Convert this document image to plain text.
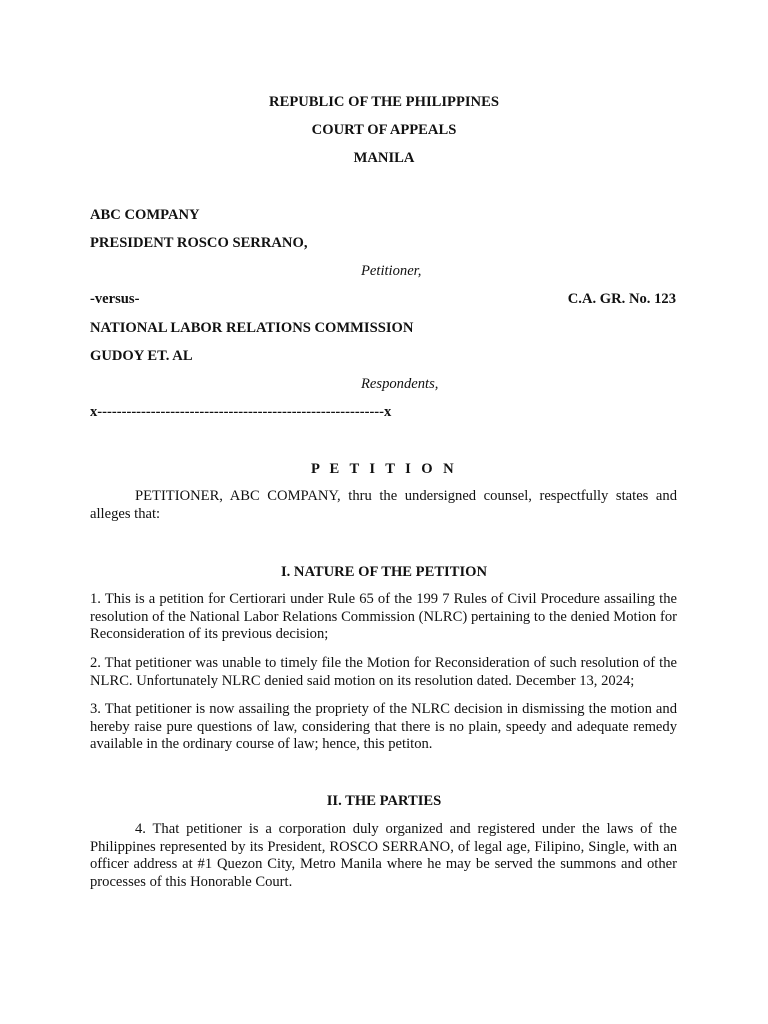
REPUBLIC OF THE PHILIPPINES
COURT OF APPEALS
MANILA
ABC COMPANY
PRESIDENT ROSCO SERRANO,
Petitioner,
-versus-	C.A. GR. No. 123
NATIONAL LABOR RELATIONS COMMISSION
GUDOY ET. AL
Respondents,
x-----------------------------------------------------------x
P E T I T I O N
PETITIONER, ABC COMPANY, thru the undersigned counsel, respectfully states and alleges that:
I. NATURE OF THE PETITION
1. This is a petition for Certiorari under Rule 65 of the 199 7 Rules of Civil Procedure assailing the resolution of the National Labor Relations Commission (NLRC) pertaining to the denied Motion for Reconsideration of its previous decision;
2. That petitioner was unable to timely file the Motion for Reconsideration of such resolution of the NLRC. Unfortunately NLRC denied said motion on its resolution dated. December 13, 2024;
3. That petitioner is now assailing the propriety of the NLRC decision in dismissing the motion and hereby raise pure questions of law, considering that there is no plain, speedy and adequate remedy available in the ordinary course of law; hence, this petiton.
II. THE PARTIES
4. That petitioner is a corporation duly organized and registered under the laws of the Philippines represented by its President, ROSCO SERRANO, of legal age, Filipino, Single, with an officer address at #1 Quezon City, Metro Manila where he may be served the summons and other processes of this Honorable Court.
